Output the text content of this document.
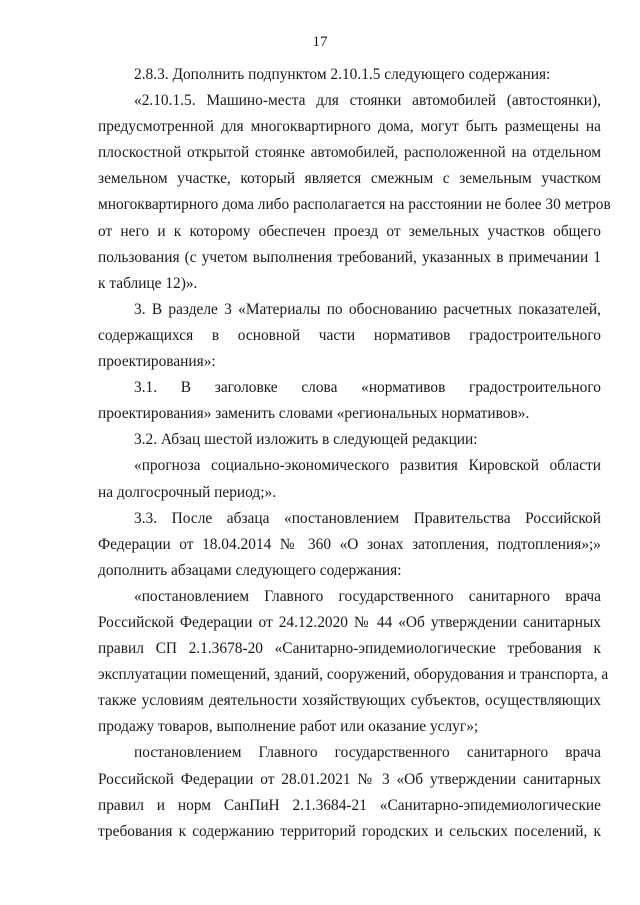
17

2.8.3. Дополнить подпунктом 2.10.1.5 следующего содержания:

«2.10.1.5. Машино-места для стоянки автомобилей (автостоянки),
предусмотренной для многоквартирного дома, могут быть размещены на
плоскостной открытой стоянке автомобилей, расположенной на отдельном
земельном участке, который является смежным с земельным участком
многоквартирного дома либо располагается на расстоянии не более 30 метров
от него и к которому обеспечен проезд от земельных участков общего
пользования (с учетом выполнения требований, указанных в примечании 1
к таблице 12)».

3. В разделе 3 «Материалы по обоснованию расчетных показателей,
содержащихся в основной части нормативов градостроительного
проектирования»:

3.1. В заголовке слова «нормативов градостроительного
проектирования» заменить словами «региональных нормативов».

3.2. Абзац шестой изложить в следующей редакции:

«прогноза социально-экономического развития Кировской области
на долгосрочный период;».

3.3. После абзаца «постановлением Правительства Российской
Федерации от 18.04.2014 № 360 «О зонах затопления, подтопления»;»
дополнить абзацами следующего содержания:

«постановлением Главного государственного санитарного врача
Российской Федерации от 24.12.2020 № 44 «Об утверждении санитарных
правил СП 2.1.3678-20 «Санитарно-эпидемиологические требования к
эксплуатации помещений, зданий, сооружений, оборудования и транспорта, а
также условиям деятельности хозяйствующих субъектов, осуществляющих
продажу товаров, выполнение работ или оказание услуг»;

постановлением Главного государственного санитарного врача
Российской Федерации от 28.01.2021 № 3 «Об утверждении санитарных
правил и норм СанПиН 2.1.3684-21 «Санитарно-эпидемиологические
требования к содержанию территорий городских и сельских поселений, к
